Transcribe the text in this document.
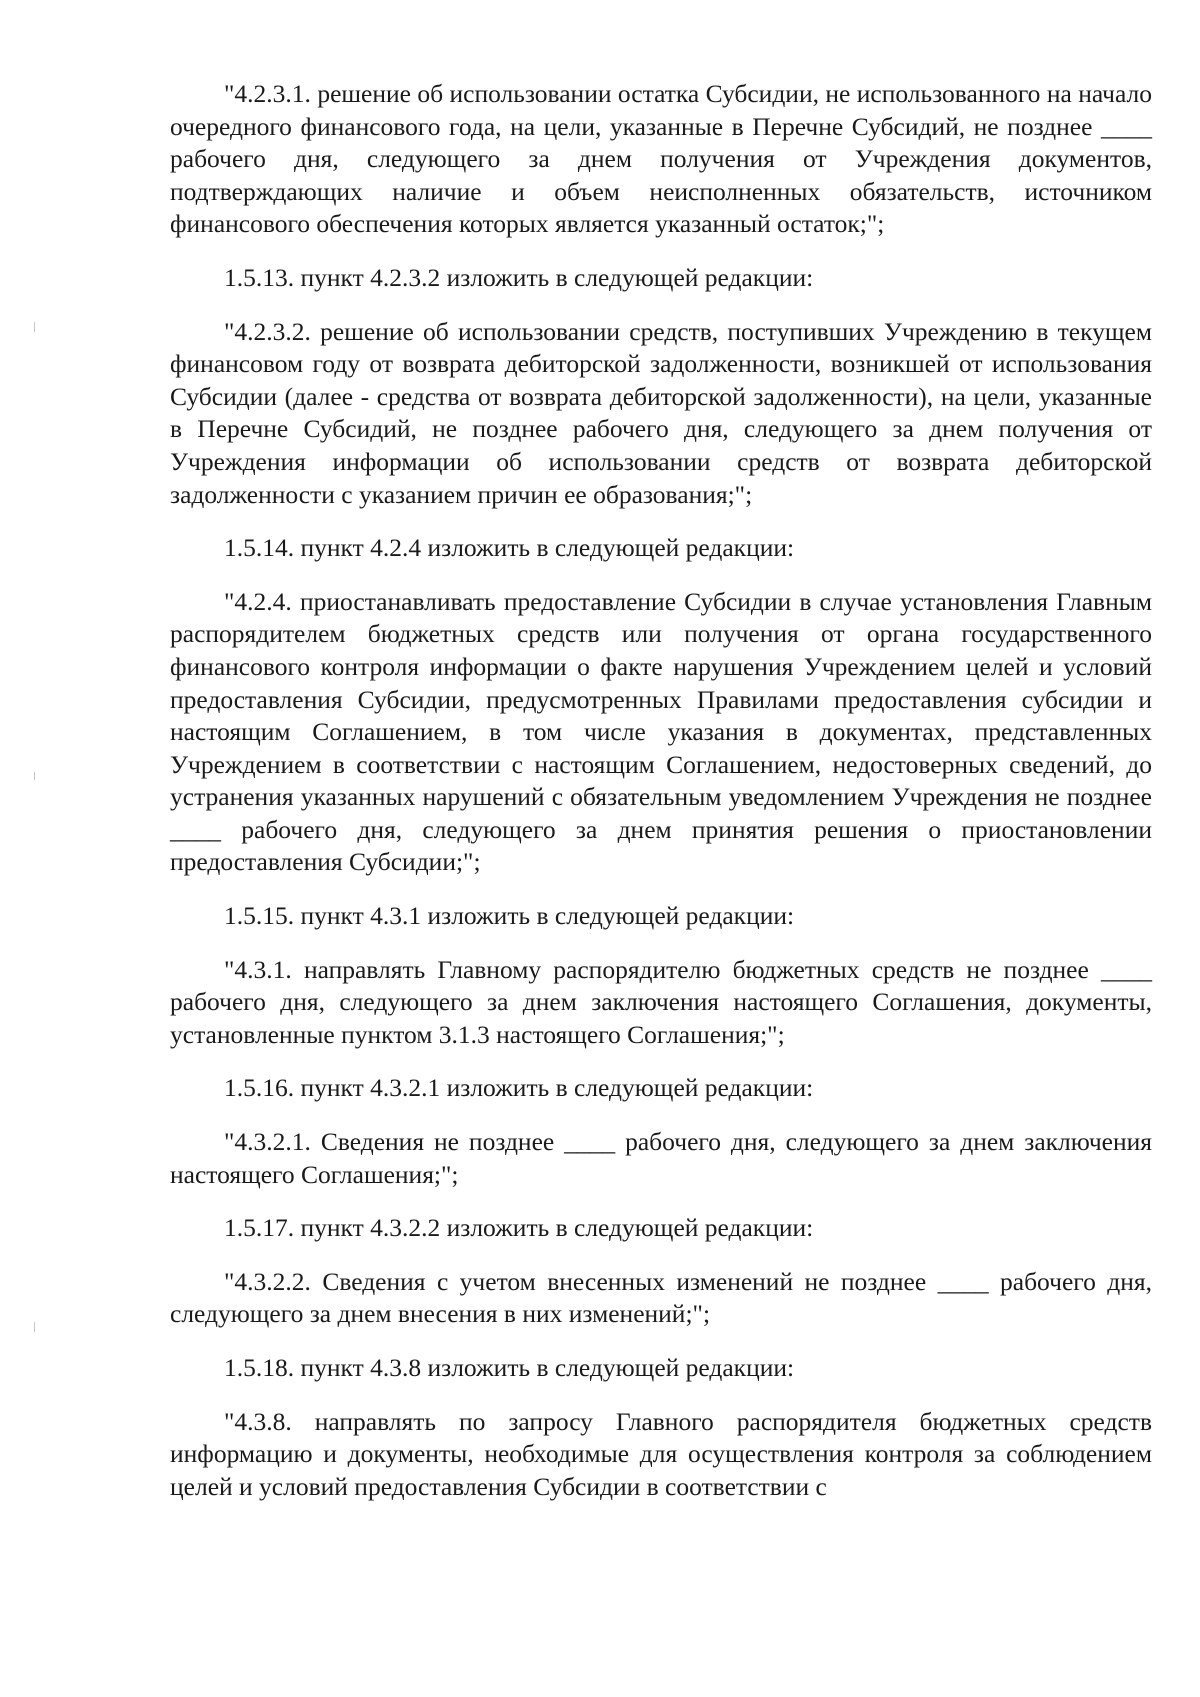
"4.2.3.1. решение об использовании остатка Субсидии, не использованного на начало очередного финансового года, на цели, указанные в Перечне Субсидий, не позднее ____ рабочего дня, следующего за днем получения от Учреждения документов, подтверждающих наличие и объем неисполненных обязательств, источником финансового обеспечения которых является указанный остаток;";

1.5.13. пункт 4.2.3.2 изложить в следующей редакции:

"4.2.3.2. решение об использовании средств, поступивших Учреждению в текущем финансовом году от возврата дебиторской задолженности, возникшей от использования Субсидии (далее - средства от возврата дебиторской задолженности), на цели, указанные в Перечне Субсидий, не позднее рабочего дня, следующего за днем получения от Учреждения информации об использовании средств от возврата дебиторской задолженности с указанием причин ее образования;";

1.5.14. пункт 4.2.4 изложить в следующей редакции:

"4.2.4. приостанавливать предоставление Субсидии в случае установления Главным распорядителем бюджетных средств или получения от органа государственного финансового контроля информации о факте нарушения Учреждением целей и условий предоставления Субсидии, предусмотренных Правилами предоставления субсидии и настоящим Соглашением, в том числе указания в документах, представленных Учреждением в соответствии с настоящим Соглашением, недостоверных сведений, до устранения указанных нарушений с обязательным уведомлением Учреждения не позднее ____ рабочего дня, следующего за днем принятия решения о приостановлении предоставления Субсидии;";

1.5.15. пункт 4.3.1 изложить в следующей редакции:

"4.3.1. направлять Главному распорядителю бюджетных средств не позднее ____ рабочего дня, следующего за днем заключения настоящего Соглашения, документы, установленные пунктом 3.1.3 настоящего Соглашения;";

1.5.16. пункт 4.3.2.1 изложить в следующей редакции:

"4.3.2.1. Сведения не позднее ____ рабочего дня, следующего за днем заключения настоящего Соглашения;";

1.5.17. пункт 4.3.2.2 изложить в следующей редакции:

"4.3.2.2. Сведения с учетом внесенных изменений не позднее ____ рабочего дня, следующего за днем внесения в них изменений;";

1.5.18. пункт 4.3.8 изложить в следующей редакции:

"4.3.8. направлять по запросу Главного распорядителя бюджетных средств информацию и документы, необходимые для осуществления контроля за соблюдением целей и условий предоставления Субсидии в соответствии с
